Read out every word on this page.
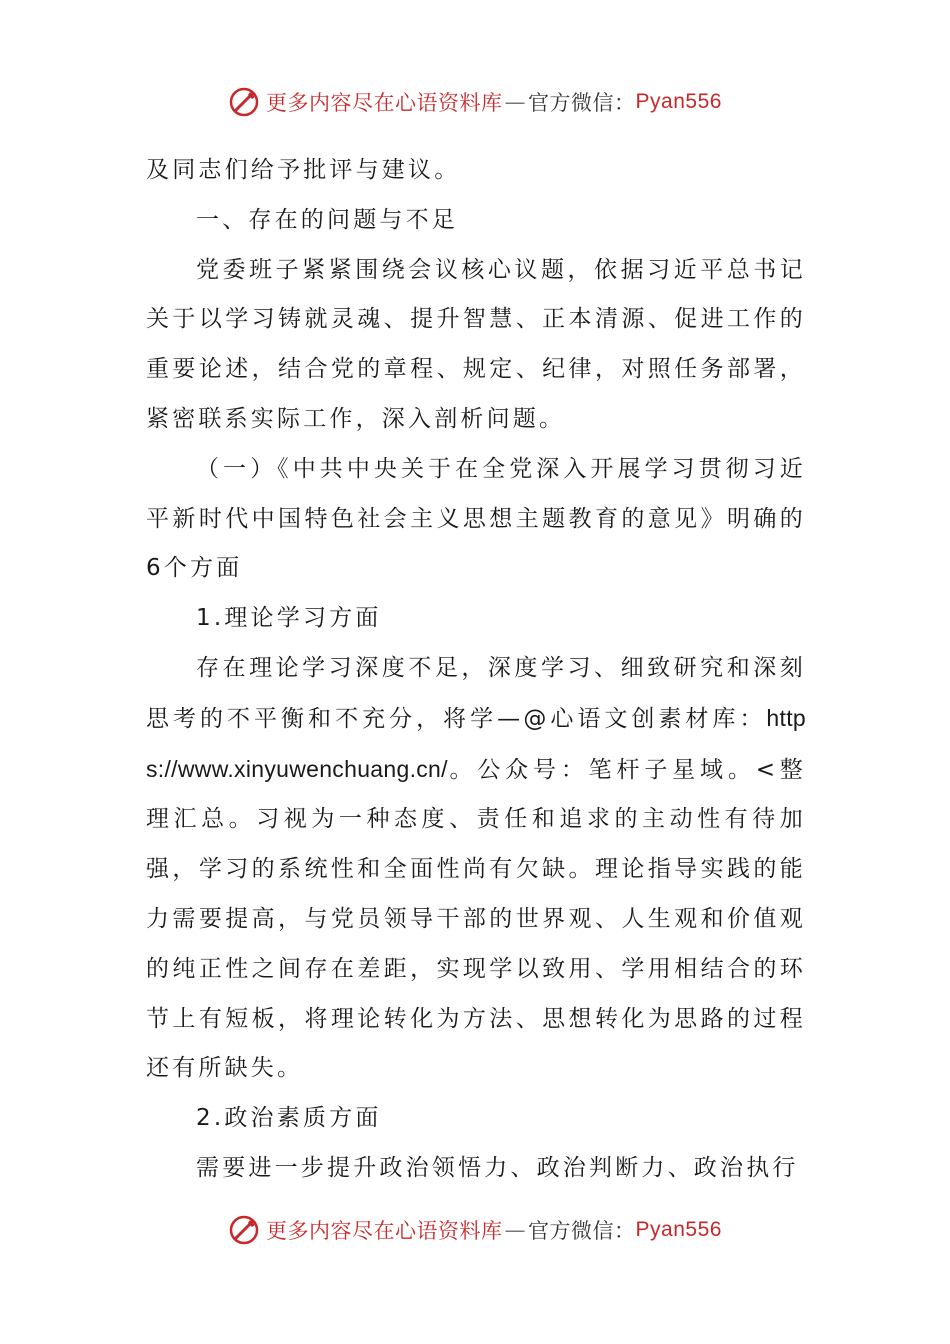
更多内容尽在心语资料库 — 官方微信： Pyan556

及同志们给予批评与建议。

一、存在的问题与不足

党委班子紧紧围绕会议核心议题，依据习近平总书记关于以学习铸就灵魂、提升智慧、正本清源、促进工作的重要论述，结合党的章程、规定、纪律，对照任务部署，紧密联系实际工作，深入剖析问题。

（一）《中共中央关于在全党深入开展学习贯彻习近平新时代中国特色社会主义思想主题教育的意见》明确的6个方面

1.理论学习方面

存在理论学习深度不足，深度学习、细致研究和深刻思考的不平衡和不充分，将学—@心语文创素材库：https://www.xinyuwenchuang.cn/。公众号：笔杆子星域。<整理汇总。习视为一种态度、责任和追求的主动性有待加强，学习的系统性和全面性尚有欠缺。理论指导实践的能力需要提高，与党员领导干部的世界观、人生观和价值观的纯正性之间存在差距，实现学以致用、学用相结合的环节上有短板，将理论转化为方法、思想转化为思路的过程还有所缺失。

2.政治素质方面

需要进一步提升政治领悟力、政治判断力、政治执行

更多内容尽在心语资料库 — 官方微信： Pyan556
